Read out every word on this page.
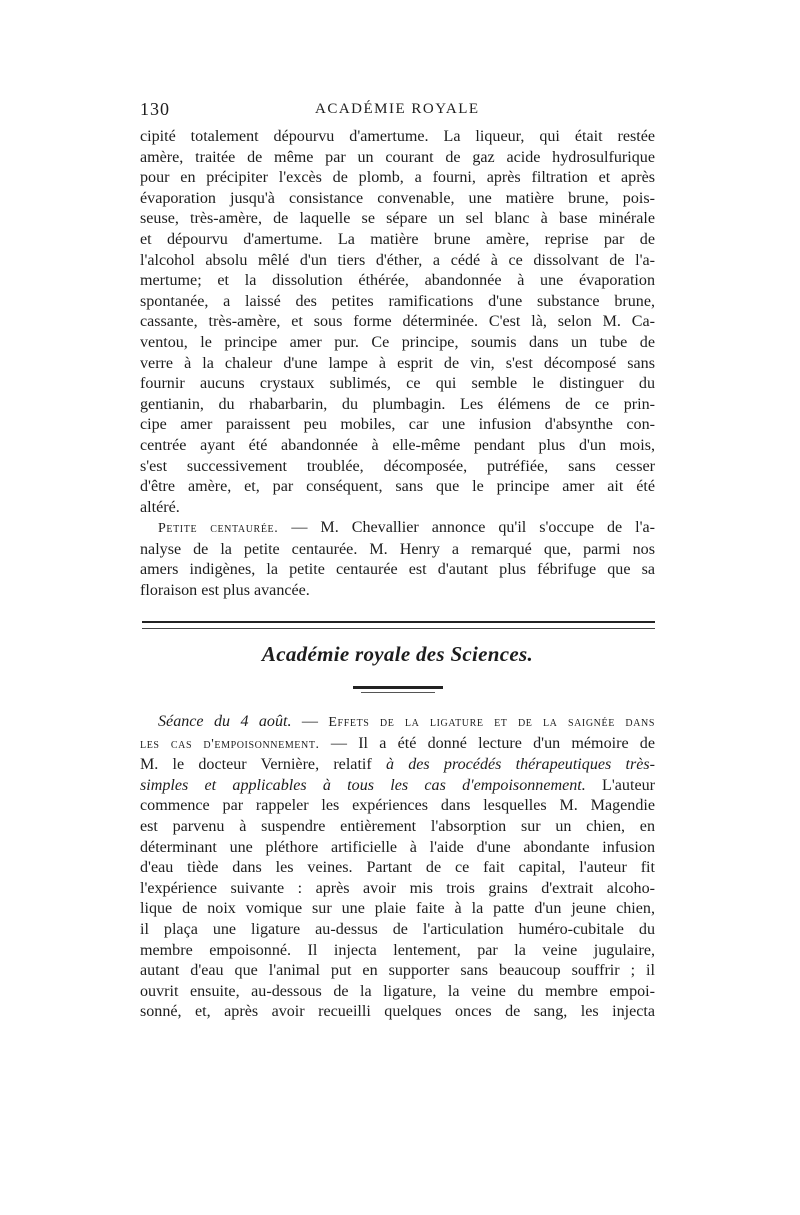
130	ACADÉMIE ROYALE
cipité totalement dépourvu d'amertume. La liqueur, qui était restée
amère, traitée de même par un courant de gaz acide hydrosulfurique
pour en précipiter l'excès de plomb, a fourni, après filtration et après
évaporation jusqu'à consistance convenable, une matière brune, pois-
seuse, très-amère, de laquelle se sépare un sel blanc à base minérale
et dépourvu d'amertume. La matière brune amère, reprise par de
l'alcohol absolu mêlé d'un tiers d'éther, a cédé à ce dissolvant de l'a-
mertume; et la dissolution éthérée, abandonnée à une évaporation
spontanée, a laissé des petites ramifications d'une substance brune,
cassante, très-amère, et sous forme déterminée. C'est là, selon M. Ca-
ventou, le principe amer pur. Ce principe, soumis dans un tube de
verre à la chaleur d'une lampe à esprit de vin, s'est décomposé sans
fournir aucuns crystaux sublimés, ce qui semble le distinguer du
gentianin, du rhabarbarin, du plumbagin. Les élémens de ce prin-
cipe amer paraissent peu mobiles, car une infusion d'absynthe con-
centrée ayant été abandonnée à elle-même pendant plus d'un mois,
s'est successivement troublée, décomposée, putréfiée, sans cesser
d'être amère, et, par conséquent, sans que le principe amer ait été
altéré.
Petite centaurée. — M. Chevallier annonce qu'il s'occupe de l'a-
nalyse de la petite centaurée. M. Henry a remarqué que, parmi nos
amers indigènes, la petite centaurée est d'autant plus fébrifuge que sa
floraison est plus avancée.
Académie royale des Sciences.
Séance du 4 août. — Effets de la ligature et de la saignée dans
les cas d'empoisonnement. — Il a été donné lecture d'un mémoire de
M. le docteur Vernière, relatif à des procédés thérapeutiques très-
simples et applicables à tous les cas d'empoisonnement. L'auteur
commence par rappeler les expériences dans lesquelles M. Magendie
est parvenu à suspendre entièrement l'absorption sur un chien, en
déterminant une pléthore artificielle à l'aide d'une abondante infusion
d'eau tiède dans les veines. Partant de ce fait capital, l'auteur fit
l'expérience suivante : après avoir mis trois grains d'extrait alcoho-
lique de noix vomique sur une plaie faite à la patte d'un jeune chien,
il plaça une ligature au-dessus de l'articulation huméro-cubitale du
membre empoisonné. Il injecta lentement, par la veine jugulaire,
autant d'eau que l'animal put en supporter sans beaucoup souffrir ; il
ouvrit ensuite, au-dessous de la ligature, la veine du membre empoi-
sonné, et, après avoir recueilli quelques onces de sang, les injecta
